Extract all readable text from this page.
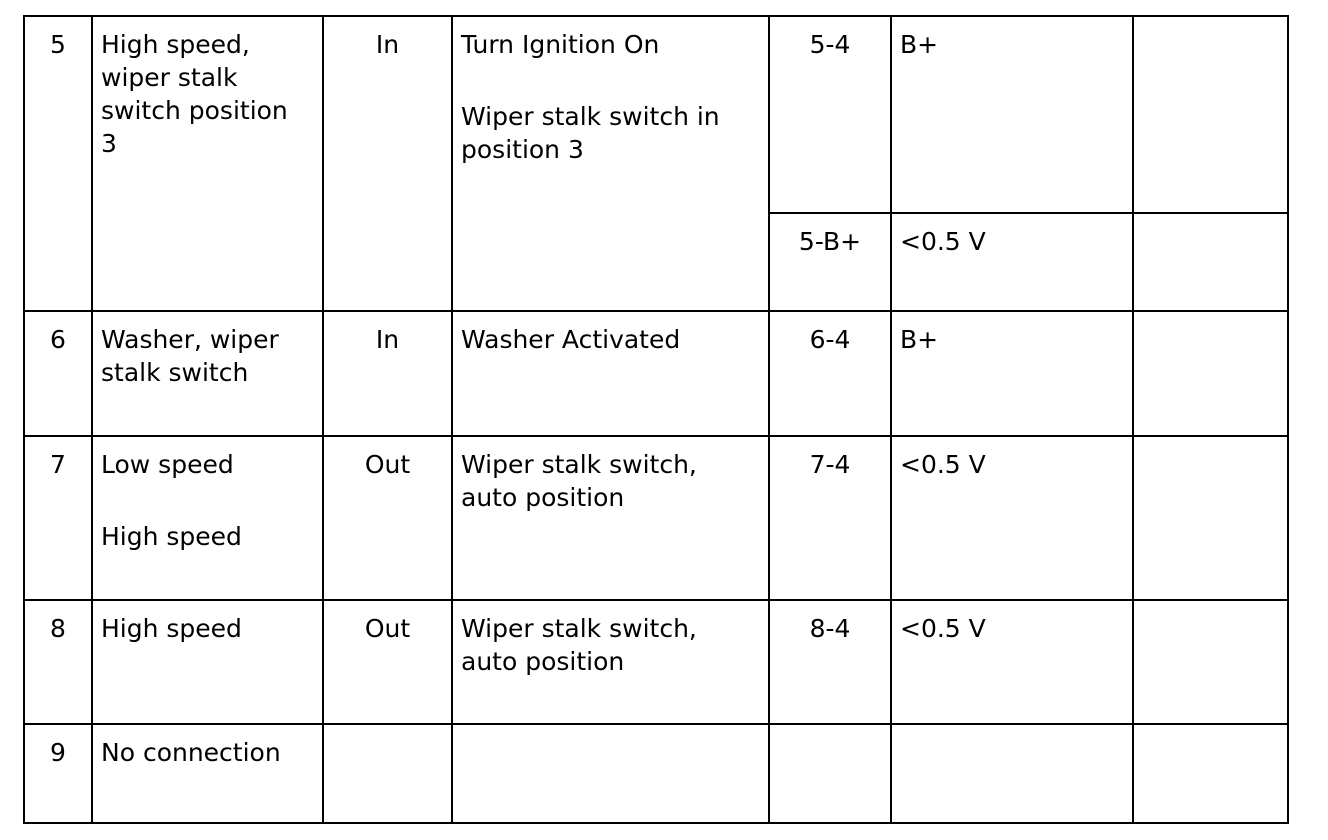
5	High speed,
wiper stalk
switch position
3	In	Turn Ignition On
Wiper stalk switch in
position 3	5-4	B+	
				5-B+	<0.5 V	
6	Washer, wiper
stalk switch	In	Washer Activated	6-4	B+	
7	Low speed
High speed	Out	Wiper stalk switch,
auto position	7-4	<0.5 V	
8	High speed	Out	Wiper stalk switch,
auto position	8-4	<0.5 V	
9	No connection					
